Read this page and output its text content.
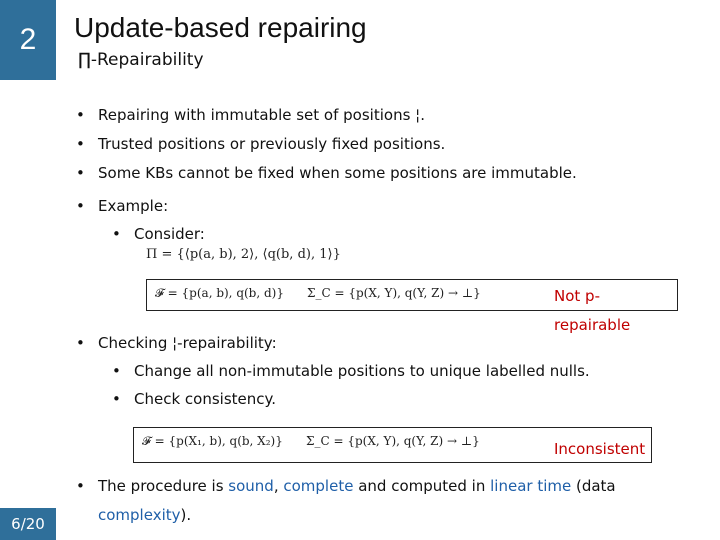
2
6/20
Update-based repairing
∏-Repairability
• Repairing with immutable set of positions ¦.
• Trusted positions or previously fixed positions.
• Some KBs cannot be fixed when some positions are immutable.
• Example:
• Consider:
Π = {⟨p(a, b), 2⟩, ⟨q(b, d), 1⟩}
𝓕 = {p(a, b), q(b, d)} Σ_C = {p(X, Y), q(Y, Z) → ⊥}	Not p-
repairable
• Checking ¦-repairability:
• Change all non-immutable positions to unique labelled nulls.
• Check consistency.
𝓕 = {p(X₁, b), q(b, X₂)} Σ_C = {p(X, Y), q(Y, Z) → ⊥}	Inconsistent
• The procedure is sound, complete and computed in linear time (data
complexity).
